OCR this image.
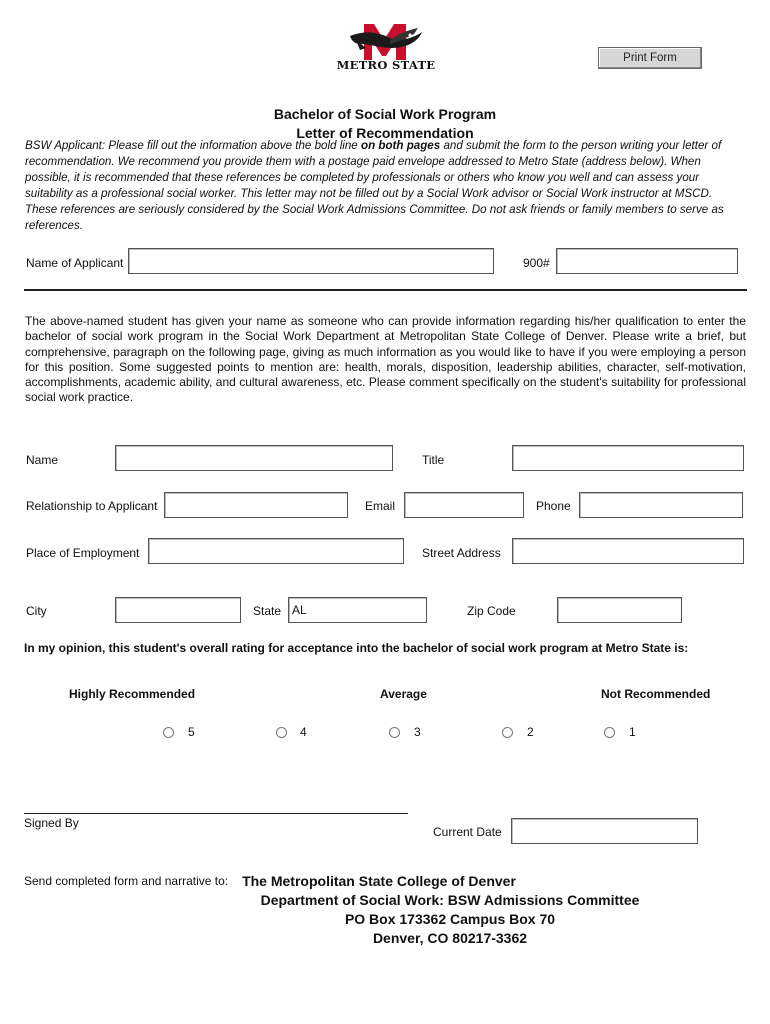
METRO STATE	Print Form
Bachelor of Social Work Program
Letter of Recommendation
BSW Applicant: Please fill out the information above the bold line on both pages and submit the form to the person writing your letter of recommendation. We recommend you provide them with a postage paid envelope addressed to Metro State (address below). When possible, it is recommended that these references be completed by professionals or others who know you well and can assess your suitability as a professional social worker. This letter may not be filled out by a Social Work advisor or Social Work instructor at MSCD. These references are seriously considered by the Social Work Admissions Committee. Do not ask friends or family members to serve as references.
Name of Applicant	900#
The above-named student has given your name as someone who can provide information regarding his/her qualification to enter the bachelor of social work program in the Social Work Department at Metropolitan State College of Denver. Please write a brief, but comprehensive, paragraph on the following page, giving as much information as you would like to have if you were employing a person for this position. Some suggested points to mention are: health, morals, disposition, leadership abilities, character, self-motivation, accomplishments, academic ability, and cultural awareness, etc. Please comment specifically on the student's suitability for professional social work practice.
Name	Title
Relationship to Applicant	Email	Phone
Place of Employment	Street Address
City	State AL	Zip Code
In my opinion, this student's overall rating for acceptance into the bachelor of social work program at Metro State is:
Highly Recommended	Average	Not Recommended
5	4	3	2	1
Signed By
Current Date
Send completed form and narrative to: The Metropolitan State College of Denver
Department of Social Work: BSW Admissions Committee
PO Box 173362 Campus Box 70
Denver, CO 80217-3362
